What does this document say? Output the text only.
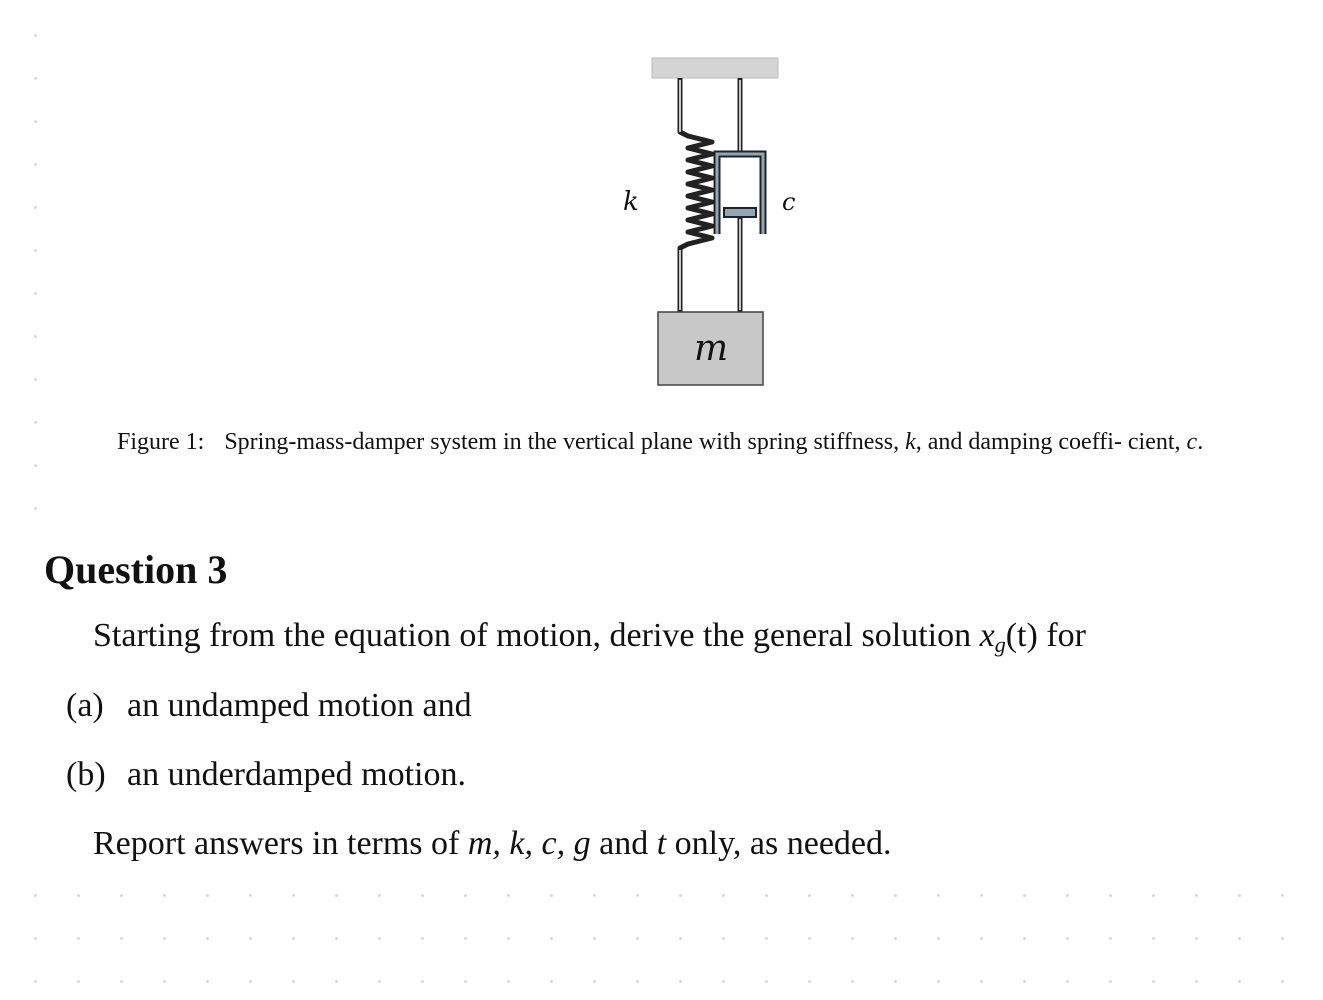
k	c
m
Figure 1: Spring-mass-damper system in the vertical plane with spring stiffness, k, and damping coeffi- cient, c.
Question 3
Starting from the equation of motion, derive the general solution xg(t) for
(a) an undamped motion and
(b) an underdamped motion.
Report answers in terms of m, k, c, g and t only, as needed.
